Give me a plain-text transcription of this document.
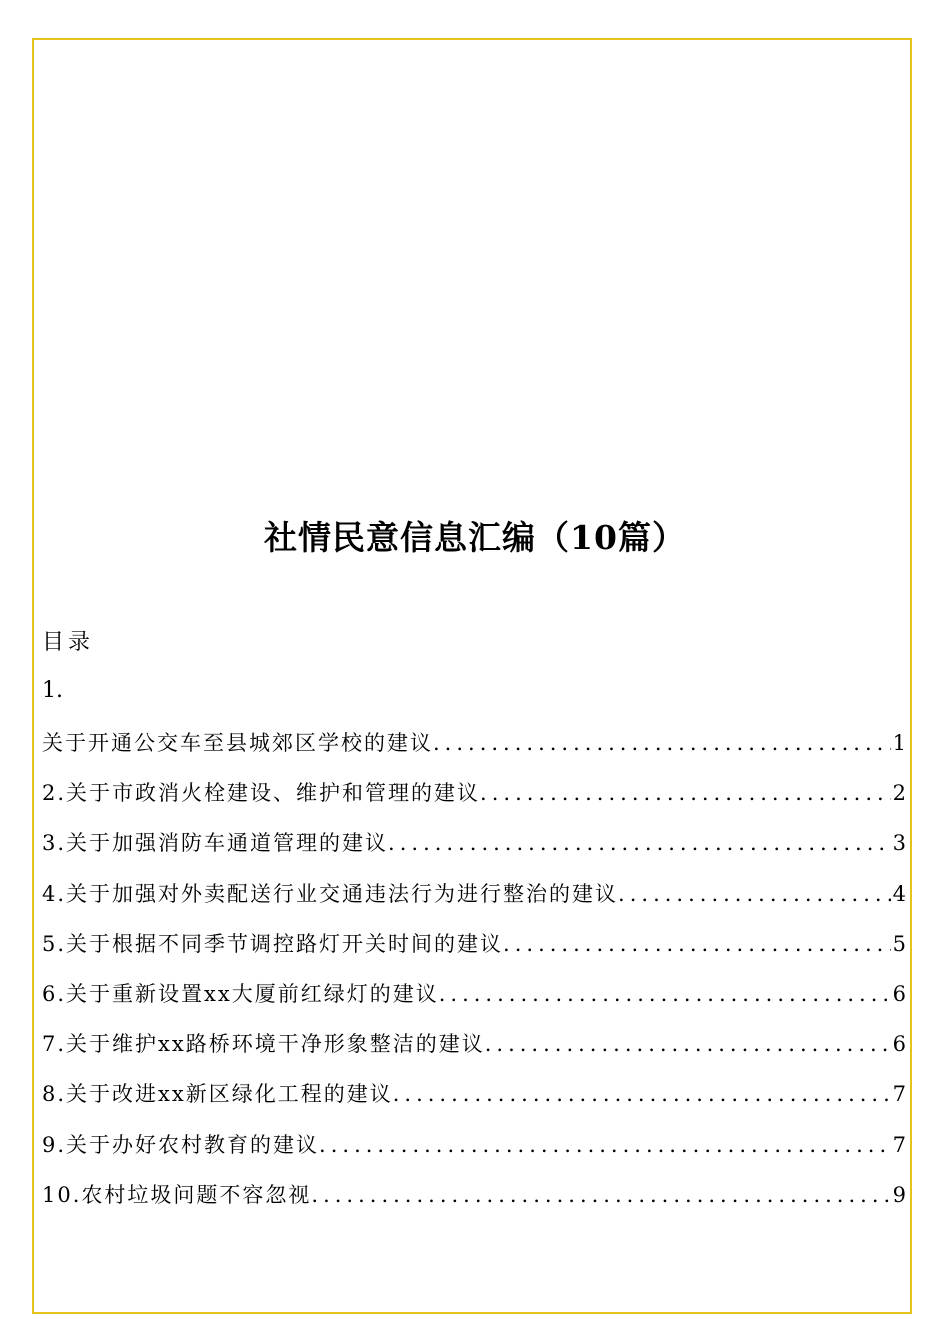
社情民意信息汇编（10篇）
目录
1.
关于开通公交车至县城郊区学校的建议 .....	1
2. 关于市政消火栓建设、维护和管理的建议 .....	2
3. 关于加强消防车通道管理的建议 .....	3
4. 关于加强对外卖配送行业交通违法行为进行整治的建议 .....	4
5. 关于根据不同季节调控路灯开关时间的建议 .....	5
6. 关于重新设置xx大厦前红绿灯的建议 .....	6
7. 关于维护xx路桥环境干净形象整洁的建议 .....	6
8. 关于改进xx新区绿化工程的建议 .....	7
9. 关于办好农村教育的建议 .....	7
10. 农村垃圾问题不容忽视 .....	9
